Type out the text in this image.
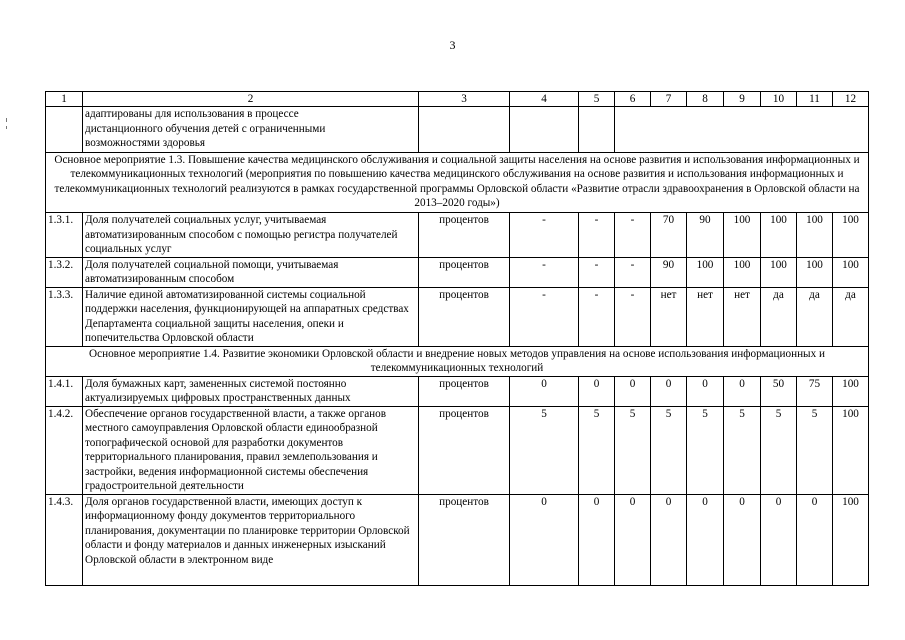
3
1	2	3	4	5	6	7	8	9	10	11	12
	адаптированы для использования в процессе дистанционного обучения детей с ограниченными возможностями здоровья										
Основное мероприятие 1.3. Повышение качества медицинского обслуживания и социальной защиты населения на основе развития и использования информационных и телекоммуникационных технологий (мероприятия по повышению качества медицинского обслуживания на основе развития и использования информационных и телекоммуникационных технологий реализуются в рамках государственной программы Орловской области «Развитие отрасли здравоохранения в Орловской области на 2013–2020 годы»)											
1.3.1.	Доля получателей социальных услуг, учитываемая автоматизированным способом с помощью регистра получателей социальных услуг	процентов	-	-	-	70	90	100	100	100	100
1.3.2.	Доля получателей социальной помощи, учитываемая автоматизированным способом	процентов	-	-	-	90	100	100	100	100	100
1.3.3.	Наличие единой автоматизированной системы социальной поддержки населения, функционирующей на аппаратных средствах Департамента социальной защиты населения, опеки и попечительства Орловской области	процентов	-	-	-	нет	нет	нет	да	да	да
Основное мероприятие 1.4. Развитие экономики Орловской области и внедрение новых методов управления на основе использования информационных и телекоммуникационных технологий											
1.4.1.	Доля бумажных карт, замененных системой постоянно актуализируемых цифровых пространственных данных	процентов	0	0	0	0	0	0	50	75	100
1.4.2.	Обеспечение органов государственной власти, а также органов местного самоуправления Орловской области единообразной топографической основой для разработки документов территориального планирования, правил землепользования и застройки, ведения информационной системы обеспечения градостроительной деятельности	процентов	5	5	5	5	5	5	5	5	100
1.4.3.	Доля органов государственной власти, имеющих доступ к информационному фонду документов территориального планирования, документации по планировке территории Орловской области и фонду материалов и данных инженерных изысканий Орловской области в электронном виде	процентов	0	0	0	0	0	0	0	0	100
